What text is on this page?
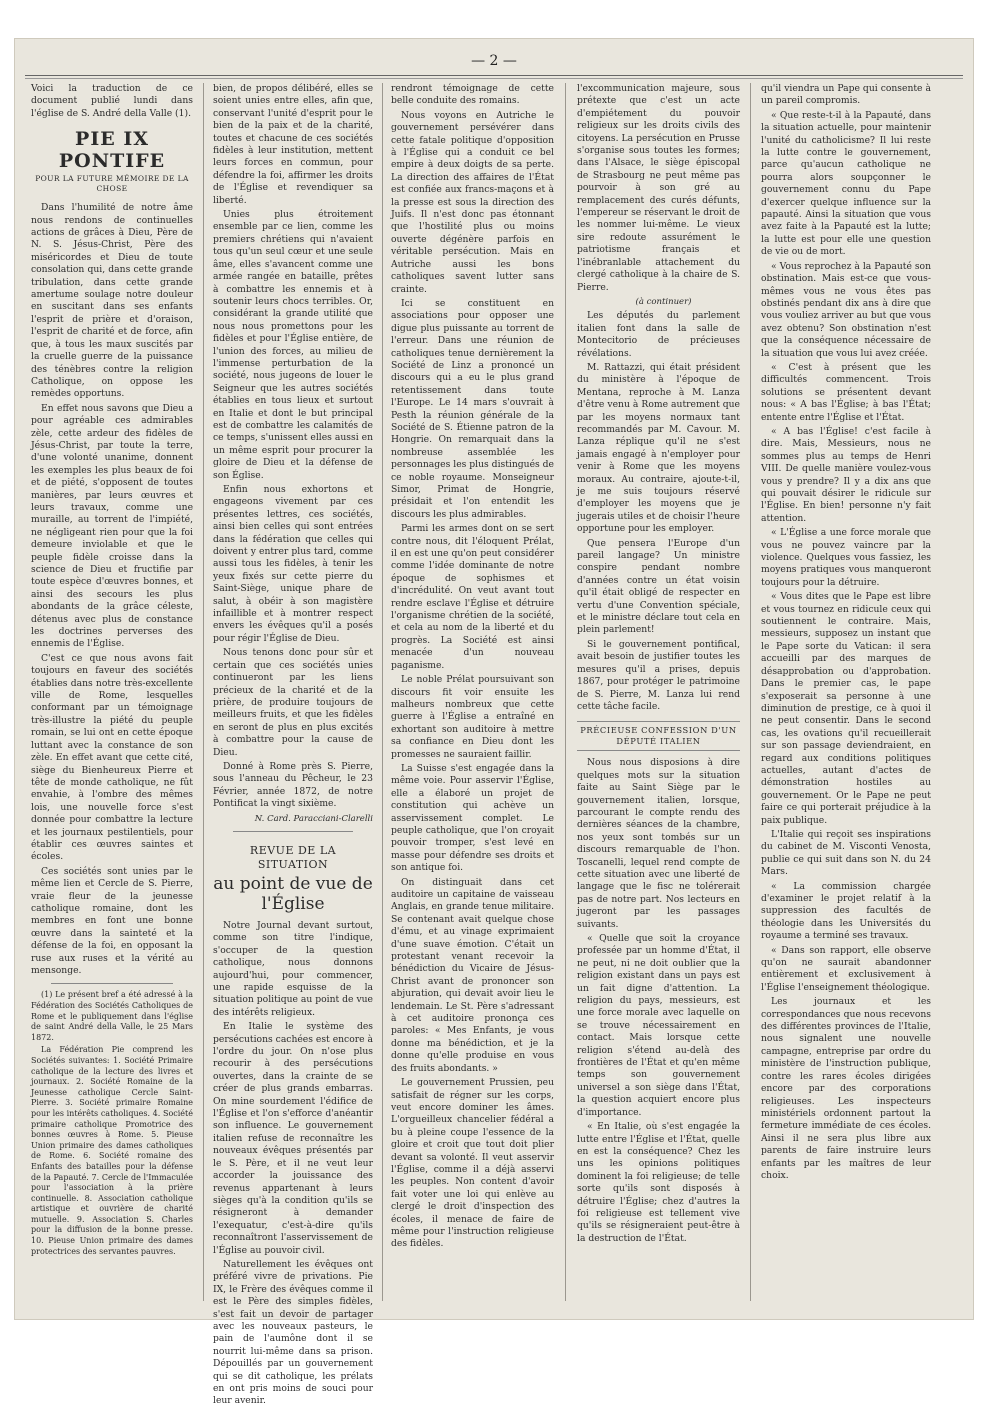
— 2 —

Voici la traduction de ce document publié lundi dans l'église de S. André della Valle (1).

PIE IX PONTIFE
POUR LA FUTURE MÉMOIRE DE LA CHOSE

Dans l'humilité de notre âme nous rendons de continuelles actions de grâces à Dieu, Père de N. S. Jésus-Christ, Père des miséricordes et Dieu de toute consolation qui, dans cette grande tribulation, dans cette grande amertume soulage notre douleur en suscitant dans ses enfants l'esprit de prière et d'oraison, l'esprit de charité et de force, afin que, à tous les maux suscités par la cruelle guerre de la puissance des ténèbres contre la religion Catholique, on oppose les remèdes opportuns.

En effet nous savons que Dieu a pour agréable ces admirables zèle, cette ardeur des fidèles de Jésus-Christ, par toute la terre, d'une volonté unanime, donnent les exemples les plus beaux de foi et de piété, s'opposent de toutes manières, par leurs œuvres et leurs travaux, comme une muraille, au torrent de l'impiété, ne négligeant rien pour que la foi demeure inviolable et que le peuple fidèle croisse dans la science de Dieu et fructifie par toute espèce d'œuvres bonnes, et ainsi des secours les plus abondants de la grâce céleste, détenus avec plus de constance les doctrines perverses des ennemis de l'Église.

C'est ce que nous avons fait toujours en faveur des sociétés établies dans notre très-excellente ville de Rome, lesquelles conformant par un témoignage très-illustre la piété du peuple romain, se lui ont en cette époque luttant avec la constance de son zèle. En effet avant que cette cité, siège du Bienheureux Pierre et tête de monde catholique, ne fût envahie, à l'ombre des mêmes lois, une nouvelle force s'est donnée pour combattre la lecture et les journaux pestilentiels, pour établir ces œuvres saintes et écoles.

Ces sociétés sont unies par le même lien et Cercle de S. Pierre, vraie fleur de la jeunesse catholique romaine, dont les membres en font une bonne œuvre dans la sainteté et la défense de la foi, en opposant la ruse aux ruses et la vérité au mensonge.

(1) Le présent bref a été adressé à la Fédération des Sociétés Catholiques de Rome et le publiquement dans l'église de saint André della Valle, le 25 Mars 1872.

La Fédération Pie comprend les Sociétés suivantes: 1. Société Primaire catholique de la lecture des livres et journaux. 2. Société Romaine de la Jeunesse catholique Cercle Saint-Pierre. 3. Société primaire Romaine pour les intérêts catholiques. 4. Société primaire catholique Promotrice des bonnes œuvres à Rome. 5. Pieuse Union primaire des dames catholiques de Rome. 6. Société romaine des Enfants des batailles pour la défense de la Papauté. 7. Cercle de l'Immaculée pour l'association à la prière continuelle. 8. Association catholique artistique et ouvrière de charité mutuelle. 9. Association S. Charles pour la diffusion de la bonne presse. 10. Pieuse Union primaire des dames protectrices des servantes pauvres.

bien, de propos délibéré, elles se soient unies entre elles, afin que, conservant l'unité d'esprit pour le bien de la paix et de la charité, toutes et chacune de ces sociétés fidèles à leur institution, mettent leurs forces en commun, pour défendre la foi, affirmer les droits de l'Église et revendiquer sa liberté.

Unies plus étroitement ensemble par ce lien, comme les premiers chrétiens qui n'avaient tous qu'un seul cœur et une seule âme, elles s'avancent comme une armée rangée en bataille, prêtes à combattre les ennemis et à soutenir leurs chocs terribles. Or, considérant la grande utilité que nous nous promettons pour les fidèles et pour l'Église entière, de l'union des forces, au milieu de l'immense perturbation de la société, nous jugeons de louer le Seigneur que les autres sociétés établies en tous lieux et surtout en Italie et dont le but principal est de combattre les calamités de ce temps, s'unissent elles aussi en un même esprit pour procurer la gloire de Dieu et la défense de son Église.

Enfin nous exhortons et engageons vivement par ces présentes lettres, ces sociétés, ainsi bien celles qui sont entrées dans la fédération que celles qui doivent y entrer plus tard, comme aussi tous les fidèles, à tenir les yeux fixés sur cette pierre du Saint-Siège, unique phare de salut, à obéir à son magistère infaillible et à montrer respect envers les évêques qu'il a posés pour régir l'Église de Dieu.

Nous tenons donc pour sûr et certain que ces sociétés unies continueront par les liens précieux de la charité et de la prière, de produire toujours de meilleurs fruits, et que les fidèles en seront de plus en plus excités à combattre pour la cause de Dieu.

Donné à Rome près S. Pierre, sous l'anneau du Pêcheur, le 23 Février, année 1872, de notre Pontificat la vingt sixième.

N. Card. Paracciani-Clarelli

REVUE DE LA SITUATION
au point de vue de l'Église

Notre Journal devant surtout, comme son titre l'indique, s'occuper de la question catholique, nous donnons aujourd'hui, pour commencer, une rapide esquisse de la situation politique au point de vue des intérêts religieux.

En Italie le système des persécutions cachées est encore à l'ordre du jour. On n'ose plus recourir à des persécutions ouvertes, dans la crainte de se créer de plus grands embarras. On mine sourdement l'édifice de l'Église et l'on s'efforce d'anéantir son influence. Le gouvernement italien refuse de reconnaître les nouveaux évêques présentés par le S. Père, et il ne veut leur accorder la jouissance des revenus appartenant à leurs sièges qu'à la condition qu'ils se résigneront à demander l'exequatur, c'est-à-dire qu'ils reconnaîtront l'asservissement de l'Église au pouvoir civil.

Naturellement les évêques ont préféré vivre de privations. Pie IX, le Frère des évêques comme il est le Père des simples fidèles, s'est fait un devoir de partager avec les nouveaux pasteurs, le pain de l'aumône dont il se nourrit lui-même dans sa prison. Dépouillés par un gouvernement qui se dit catholique, les prélats en ont pris moins de souci pour leur avenir.

rendront témoignage de cette belle conduite des romains.

Nous voyons en Autriche le gouvernement persévérer dans cette fatale politique d'opposition à l'Église qui a conduit ce bel empire à deux doigts de sa perte. La direction des affaires de l'État est confiée aux francs-maçons et à la presse est sous la direction des Juifs. Il n'est donc pas étonnant que l'hostilité plus ou moins ouverte dégénère parfois en véritable persécution. Mais en Autriche aussi les bons catholiques savent lutter sans crainte.

Ici se constituent en associations pour opposer une digue plus puissante au torrent de l'erreur. Dans une réunion de catholiques tenue dernièrement la Société de Linz a prononcé un discours qui a eu le plus grand retentissement dans toute l'Europe. Le 14 mars s'ouvrait à Pesth la réunion générale de la Société de S. Étienne patron de la Hongrie. On remarquait dans la nombreuse assemblée les personnages les plus distingués de ce noble royaume. Monseigneur Simor, Primat de Hongrie, présidait et l'on entendit les discours les plus admirables.

Parmi les armes dont on se sert contre nous, dit l'éloquent Prélat, il en est une qu'on peut considérer comme l'idée dominante de notre époque de sophismes et d'incrédulité. On veut avant tout rendre esclave l'Église et détruire l'organisme chrétien de la société, et cela au nom de la liberté et du progrès. La Société est ainsi menacée d'un nouveau paganisme.

Le noble Prélat poursuivant son discours fit voir ensuite les malheurs nombreux que cette guerre à l'Église a entraîné en exhortant son auditoire à mettre sa confiance en Dieu dont les promesses ne sauraient faillir.

La Suisse s'est engagée dans la même voie. Pour asservir l'Église, elle a élaboré un projet de constitution qui achève un asservissement complet. Le peuple catholique, que l'on croyait pouvoir tromper, s'est levé en masse pour défendre ses droits et son antique foi.

On distinguait dans cet auditoire un capitaine de vaisseau Anglais, en grande tenue militaire. Se contenant avait quelque chose d'ému, et au vinage exprimaient d'une suave émotion. C'était un protestant venant recevoir la bénédiction du Vicaire de Jésus-Christ avant de prononcer son abjuration, qui devait avoir lieu le lendemain. Le St. Père s'adressant à cet auditoire prononça ces paroles: « Mes Enfants, je vous donne ma bénédiction, et je la donne qu'elle produise en vous des fruits abondants. »

Le gouvernement Prussien, peu satisfait de régner sur les corps, veut encore dominer les âmes. L'orgueilleux chancelier fédéral a bu à pleine coupe l'essence de la gloire et croit que tout doit plier devant sa volonté. Il veut asservir l'Église, comme il a déjà asservi les peuples. Non content d'avoir fait voter une loi qui enlève au clergé le droit d'inspection des écoles, il menace de faire de même pour l'instruction religieuse des fidèles.

l'excommunication majeure, sous prétexte que c'est un acte d'empiétement du pouvoir religieux sur les droits civils des citoyens. La persécution en Prusse s'organise sous toutes les formes; dans l'Alsace, le siège épiscopal de Strasbourg ne peut même pas pourvoir à son gré au remplacement des curés défunts, l'empereur se réservant le droit de les nommer lui-même. Le vieux sire redoute assurément le patriotisme français et l'inébranlable attachement du clergé catholique à la chaire de S. Pierre.

(à continuer)

Les députés du parlement italien font dans la salle de Montecitorio de précieuses révélations.

M. Rattazzi, qui était président du ministère à l'époque de Mentana, reproche à M. Lanza d'être venu à Rome autrement que par les moyens normaux tant recommandés par M. Cavour. M. Lanza réplique qu'il ne s'est jamais engagé à n'employer pour venir à Rome que les moyens moraux. Au contraire, ajoute-t-il, je me suis toujours réservé d'employer les moyens que je jugerais utiles et de choisir l'heure opportune pour les employer.

Que pensera l'Europe d'un pareil langage? Un ministre conspire pendant nombre d'années contre un état voisin qu'il était obligé de respecter en vertu d'une Convention spéciale, et le ministre déclare tout cela en plein parlement!

Si le gouvernement pontifical, avait besoin de justifier toutes les mesures qu'il a prises, depuis 1867, pour protéger le patrimoine de S. Pierre, M. Lanza lui rend cette tâche facile.

PRÉCIEUSE CONFESSION D'UN DÉPUTÉ ITALIEN

Nous nous disposions à dire quelques mots sur la situation faite au Saint Siège par le gouvernement italien, lorsque, parcourant le compte rendu des dernières séances de la chambre, nos yeux sont tombés sur un discours remarquable de l'hon. Toscanelli, lequel rend compte de cette situation avec une liberté de langage que le fisc ne tolérerait pas de notre part. Nos lecteurs en jugeront par les passages suivants.

« Quelle que soit la croyance professée par un homme d'État, il ne peut, ni ne doit oublier que la religion existant dans un pays est un fait digne d'attention. La religion du pays, messieurs, est une force morale avec laquelle on se trouve nécessairement en contact. Mais lorsque cette religion s'étend au-delà des frontières de l'État et qu'en même temps son gouvernement universel a son siège dans l'État, la question acquiert encore plus d'importance.

« En Italie, où s'est engagée la lutte entre l'Église et l'État, quelle en est la conséquence? Chez les uns les opinions politiques dominent la foi religieuse; de telle sorte qu'ils sont disposés à détruire l'Église; chez d'autres la foi religieuse est tellement vive qu'ils se résigneraient peut-être à la destruction de l'État.

qu'il viendra un Pape qui consente à un pareil compromis.

« Que reste-t-il à la Papauté, dans la situation actuelle, pour maintenir l'unité du catholicisme? Il lui reste la lutte contre le gouvernement, parce qu'aucun catholique ne pourra alors soupçonner le gouvernement connu du Pape d'exercer quelque influence sur la papauté. Ainsi la situation que vous avez faite à la Papauté est la lutte; la lutte est pour elle une question de vie ou de mort.

« Vous reprochez à la Papauté son obstination. Mais est-ce que vous-mêmes vous ne vous êtes pas obstinés pendant dix ans à dire que vous vouliez arriver au but que vous avez obtenu? Son obstination n'est que la conséquence nécessaire de la situation que vous lui avez créée.

« C'est à présent que les difficultés commencent. Trois solutions se présentent devant nous: « A bas l'Église; à bas l'État; entente entre l'Église et l'État.

« A bas l'Église! c'est facile à dire. Mais, Messieurs, nous ne sommes plus au temps de Henri VIII. De quelle manière voulez-vous vous y prendre? Il y a dix ans que qui pouvait désirer le ridicule sur l'Église. En bien! personne n'y fait attention.

« L'Église a une force morale que vous ne pouvez vaincre par la violence. Quelques vous fassiez, les moyens pratiques vous manqueront toujours pour la détruire.

« Vous dites que le Pape est libre et vous tournez en ridicule ceux qui soutiennent le contraire. Mais, messieurs, supposez un instant que le Pape sorte du Vatican: il sera accueilli par des marques de désapprobation ou d'approbation. Dans le premier cas, le pape s'exposerait sa personne à une diminution de prestige, ce à quoi il ne peut consentir. Dans le second cas, les ovations qu'il recueillerait sur son passage deviendraient, en regard aux conditions politiques actuelles, autant d'actes de démonstration hostiles au gouvernement. Or le Pape ne peut faire ce qui porterait préjudice à la paix publique.

L'Italie qui reçoit ses inspirations du cabinet de M. Visconti Venosta, publie ce qui suit dans son N. du 24 Mars.

« La commission chargée d'examiner le projet relatif à la suppression des facultés de théologie dans les Universités du royaume a terminé ses travaux.

« Dans son rapport, elle observe qu'on ne saurait abandonner entièrement et exclusivement à l'Église l'enseignement théologique.

Les journaux et les correspondances que nous recevons des différentes provinces de l'Italie, nous signalent une nouvelle campagne, entreprise par ordre du ministère de l'instruction publique, contre les rares écoles dirigées encore par des corporations religieuses. Les inspecteurs ministériels ordonnent partout la fermeture immédiate de ces écoles. Ainsi il ne sera plus libre aux parents de faire instruire leurs enfants par les maîtres de leur choix.
